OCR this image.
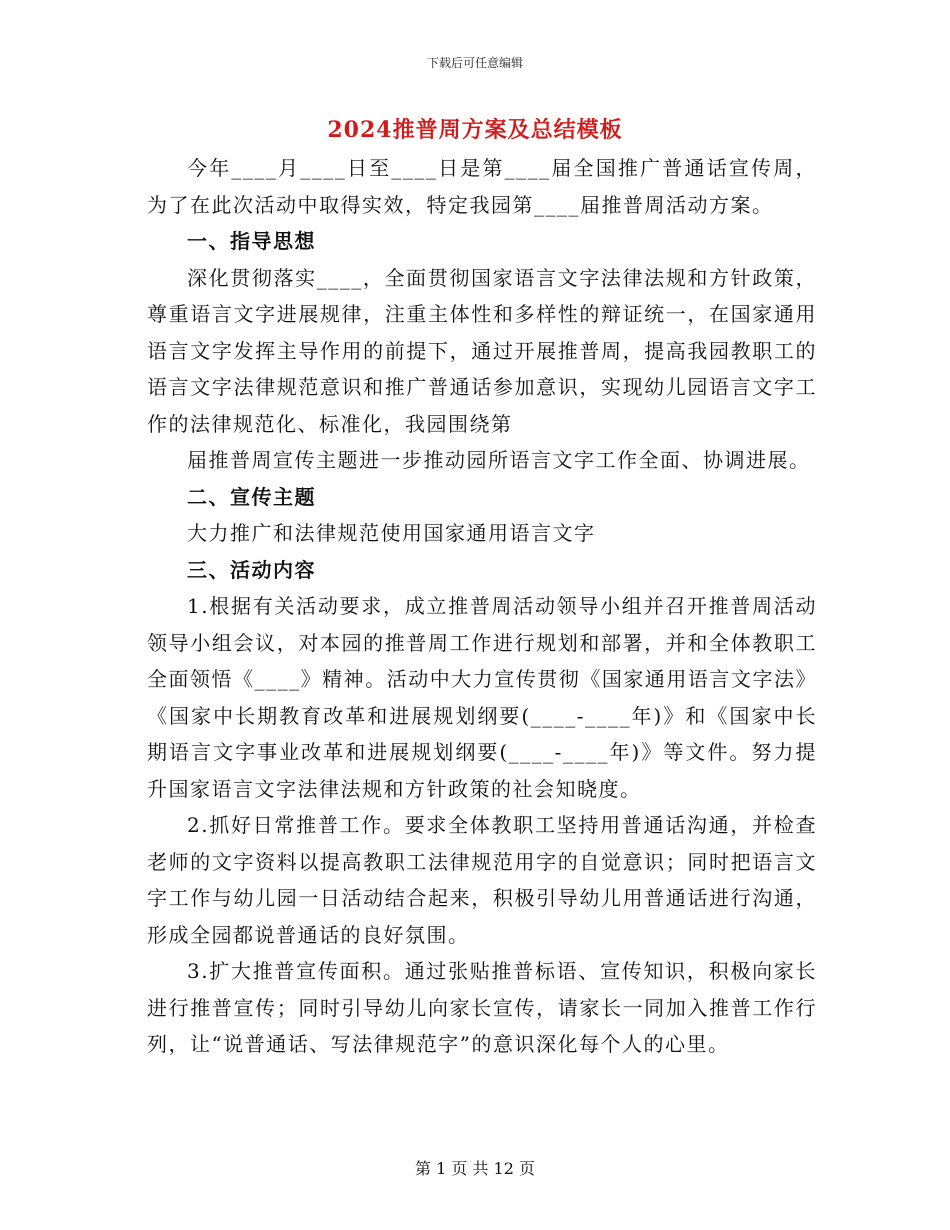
下载后可任意编辑
2024推普周方案及总结模板

今年____月____日至____日是第____届全国推广普通话宣传周，为了在此次活动中取得实效，特定我园第____届推普周活动方案。

一、指导思想

深化贯彻落实____，全面贯彻国家语言文字法律法规和方针政策，尊重语言文字进展规律，注重主体性和多样性的辩证统一，在国家通用语言文字发挥主导作用的前提下，通过开展推普周，提高我园教职工的语言文字法律规范意识和推广普通话参加意识，实现幼儿园语言文字工作的法律规范化、标准化，我园围绕第

届推普周宣传主题进一步推动园所语言文字工作全面、协调进展。

二、宣传主题

大力推广和法律规范使用国家通用语言文字

三、活动内容

1.根据有关活动要求，成立推普周活动领导小组并召开推普周活动领导小组会议，对本园的推普周工作进行规划和部署，并和全体教职工全面领悟《____》精神。活动中大力宣传贯彻《国家通用语言文字法》《国家中长期教育改革和进展规划纲要(____-____年)》和《国家中长期语言文字事业改革和进展规划纲要(____-____年)》等文件。努力提升国家语言文字法律法规和方针政策的社会知晓度。

2.抓好日常推普工作。要求全体教职工坚持用普通话沟通，并检查老师的文字资料以提高教职工法律规范用字的自觉意识；同时把语言文字工作与幼儿园一日活动结合起来，积极引导幼儿用普通话进行沟通，形成全园都说普通话的良好氛围。

3.扩大推普宣传面积。通过张贴推普标语、宣传知识，积极向家长进行推普宣传；同时引导幼儿向家长宣传，请家长一同加入推普工作行列，让“说普通话、写法律规范字”的意识深化每个人的心里。

第 1 页 共 12 页
